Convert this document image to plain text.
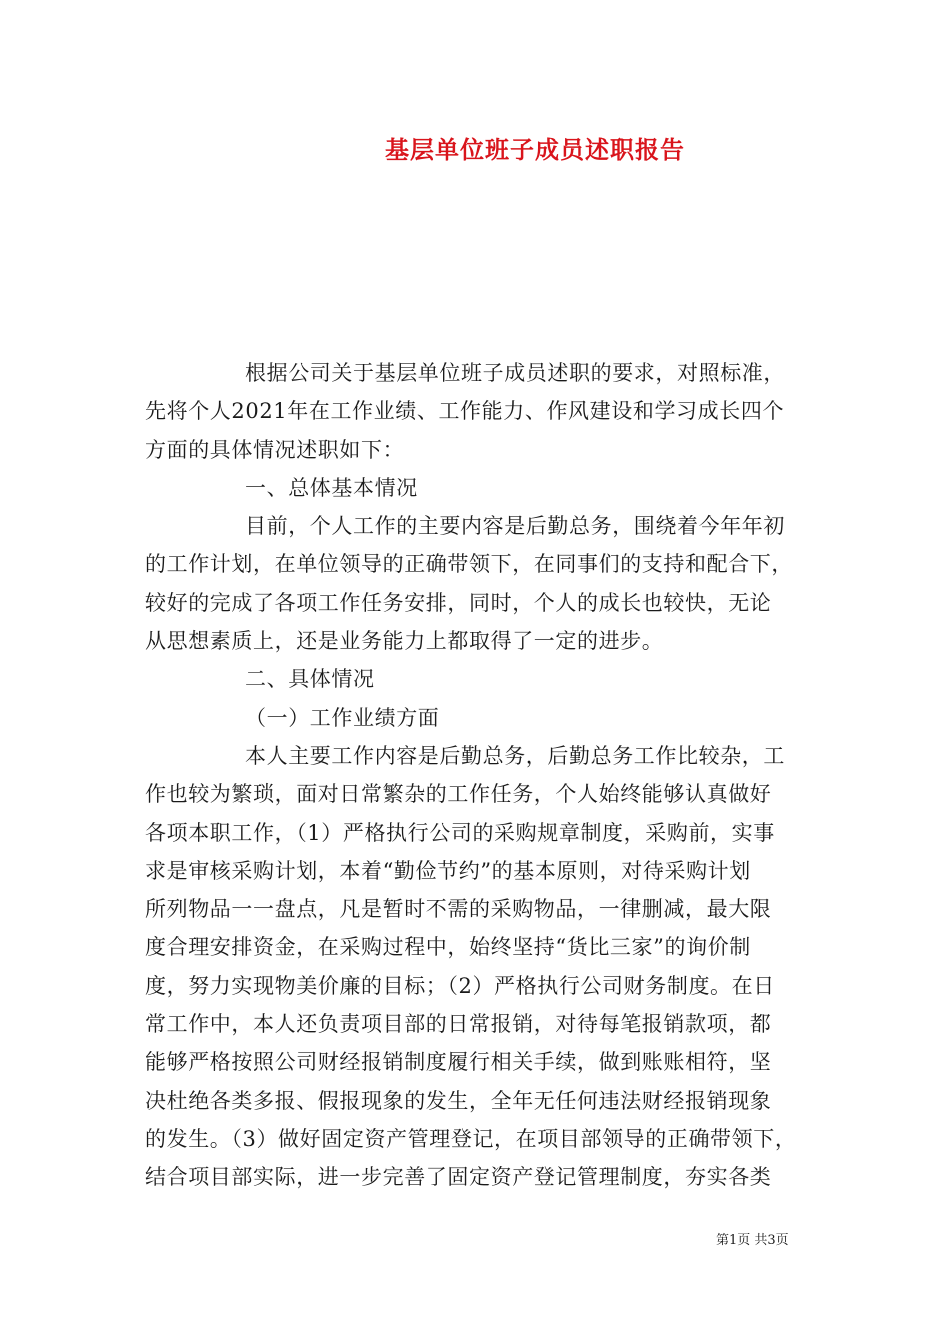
基层单位班子成员述职报告
根据公司关于基层单位班子成员述职的要求，对照标准，
先将个人2021年在工作业绩、工作能力、作风建设和学习成长四个
方面的具体情况述职如下：
一、总体基本情况
目前，个人工作的主要内容是后勤总务，围绕着今年年初
的工作计划，在单位领导的正确带领下，在同事们的支持和配合下，
较好的完成了各项工作任务安排，同时，个人的成长也较快，无论
从思想素质上，还是业务能力上都取得了一定的进步。
二、具体情况
（一）工作业绩方面
本人主要工作内容是后勤总务，后勤总务工作比较杂，工
作也较为繁琐，面对日常繁杂的工作任务，个人始终能够认真做好
各项本职工作，（1）严格执行公司的采购规章制度，采购前，实事
求是审核采购计划，本着“勤俭节约”的基本原则，对待采购计划
所列物品一一盘点，凡是暂时不需的采购物品，一律删减，最大限
度合理安排资金，在采购过程中，始终坚持“货比三家”的询价制
度，努力实现物美价廉的目标；（2）严格执行公司财务制度。在日
常工作中，本人还负责项目部的日常报销，对待每笔报销款项，都
能够严格按照公司财经报销制度履行相关手续，做到账账相符，坚
决杜绝各类多报、假报现象的发生，全年无任何违法财经报销现象
的发生。（3）做好固定资产管理登记，在项目部领导的正确带领下，
结合项目部实际，进一步完善了固定资产登记管理制度，夯实各类
第1页 共3页
